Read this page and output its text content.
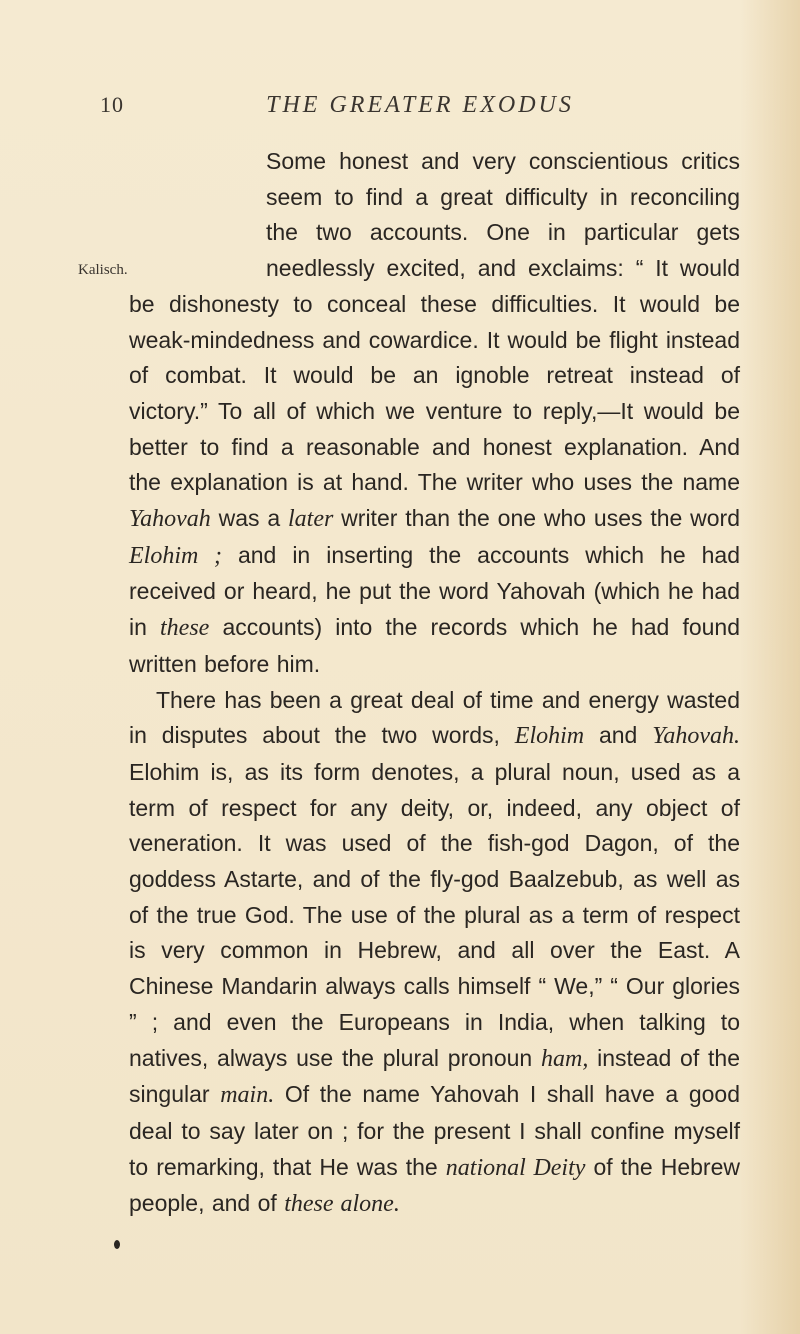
10	THE GREATER EXODUS
Kalisch.

Some honest and very conscientious critics seem to find a great difficulty in reconciling the two accounts. One in particular gets needlessly excited, and exclaims: “ It would be dishonesty to conceal these difficulties. It would be weak-mindedness and cowardice. It would be flight instead of combat. It would be an ignoble retreat instead of victory.” To all of which we venture to reply,—It would be better to find a reasonable and honest explanation. And the explanation is at hand. The writer who uses the name Yahovah was a later writer than the one who uses the word Elohim ; and in inserting the accounts which he had received or heard, he put the word Yahovah (which he had in these accounts) into the records which he had found written before him.

There has been a great deal of time and energy wasted in disputes about the two words, Elohim and Yahovah. Elohim is, as its form denotes, a plural noun, used as a term of respect for any deity, or, indeed, any object of veneration. It was used of the fish-god Dagon, of the goddess Astarte, and of the fly-god Baalzebub, as well as of the true God. The use of the plural as a term of respect is very common in Hebrew, and all over the East. A Chinese Mandarin always calls himself “ We,” “ Our glories ” ; and even the Europeans in India, when talking to natives, always use the plural pronoun ham, instead of the singular main. Of the name Yahovah I shall have a good deal to say later on ; for the present I shall confine myself to remarking, that He was the national Deity of the Hebrew people, and of these alone.
